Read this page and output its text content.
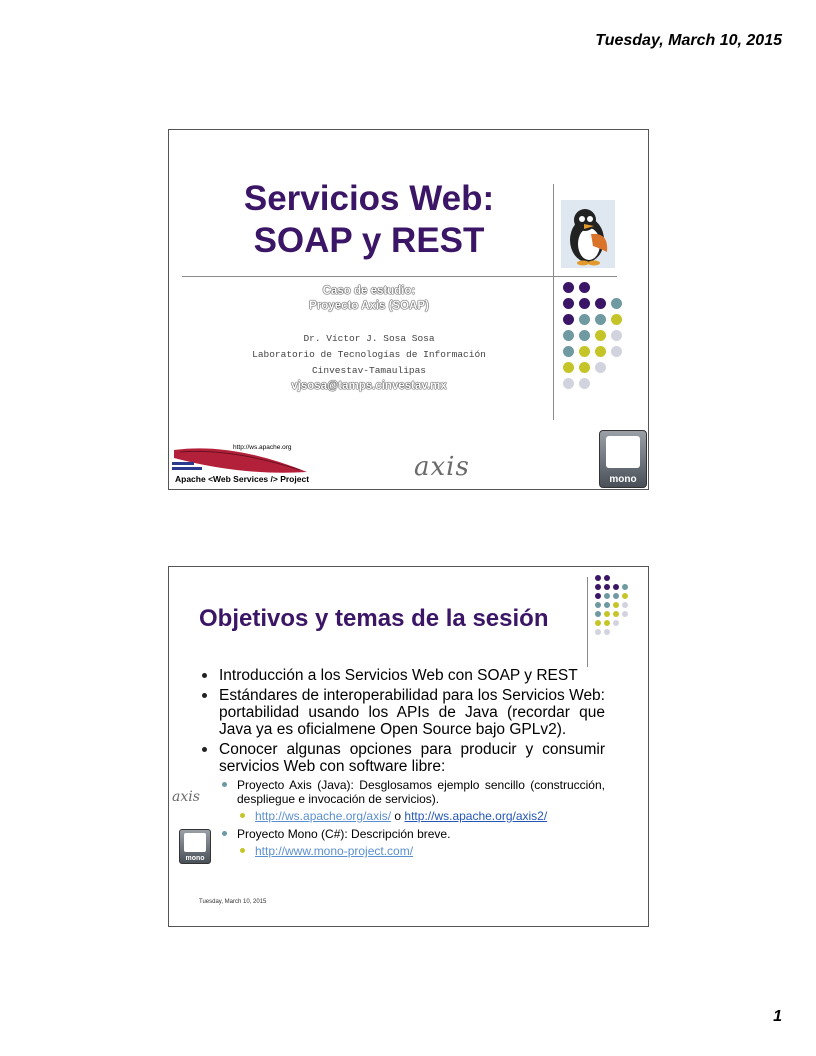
Tuesday, March 10, 2015
Servicios Web:
SOAP y REST
Caso de estudio:
Proyecto Axis (SOAP)
Dr. Víctor J. Sosa Sosa
Laboratorio de Tecnologías de Información
Cinvestav-Tamaulipas
vjsosa@tamps.cinvestav.mx
http://ws.apache.org
Apache <Web Services /> Project	axis	mono
Objetivos y temas de la sesión
Introducción a los Servicios Web con SOAP y REST
Estándares de interoperabilidad para los Servicios Web: portabilidad usando los APIs de Java (recordar que Java ya es oficialmene Open Source bajo GPLv2).
Conocer algunas opciones para producir y consumir servicios Web con software libre:
Proyecto Axis (Java): Desglosamos ejemplo sencillo (construcción, despliegue e invocación de servicios).
http://ws.apache.org/axis/ o http://ws.apache.org/axis2/
Proyecto Mono (C#): Descripción breve.
http://www.mono-project.com/
axis
mono
Tuesday, March 10, 2015
1
